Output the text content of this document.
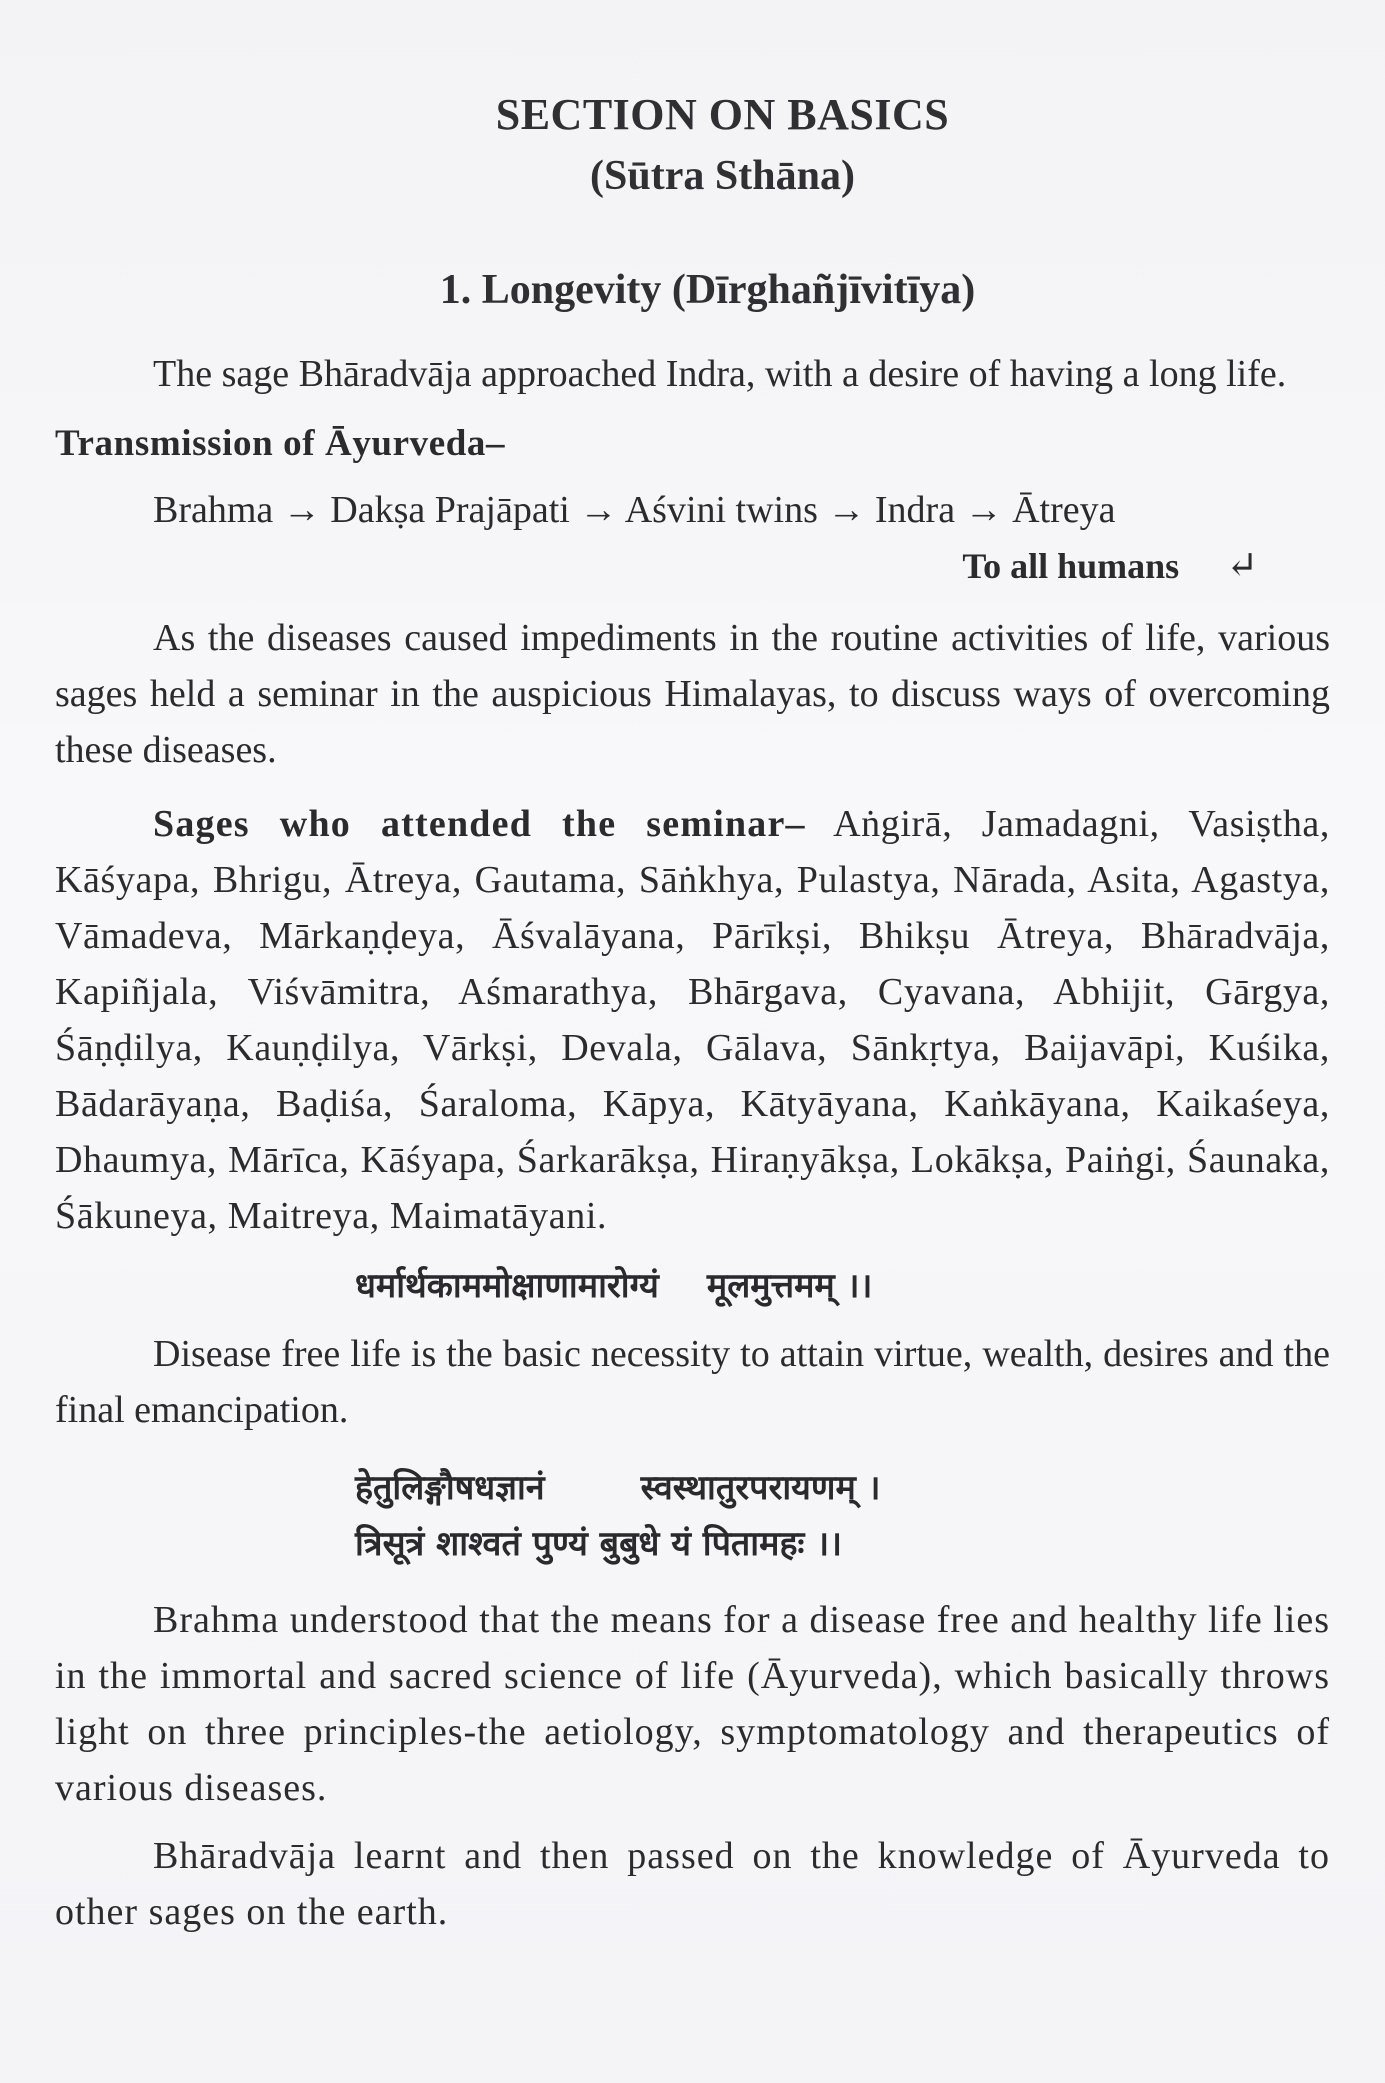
SECTION ON BASICS
(Sūtra Sthāna)
1. Longevity (Dīrghañjīvitīya)

The sage Bhāradvāja approached Indra, with a desire of having a long life.

Transmission of Āyurveda–
Brahma → Dakṣa Prajāpati → Aśvini twins → Indra → Ātreya
To all humans ↵

As the diseases caused impediments in the routine activities of life, various sages held a seminar in the auspicious Himalayas, to discuss ways of overcoming these diseases.

Sages who attended the seminar– Aṅgirā, Jamadagni, Vasiṣtha, Kāśyapa, Bhrigu, Ātreya, Gautama, Sāṅkhya, Pulastya, Nārada, Asita, Agastya, Vāmadeva, Mārkaṇḍeya, Āśvalāyana, Pārīkṣi, Bhikṣu Ātreya, Bhāradvāja, Kapiñjala, Viśvāmitra, Aśmarathya, Bhārgava, Cyavana, Abhijit, Gārgya, Śāṇḍilya, Kauṇḍilya, Vārkṣi, Devala, Gālava, Sānkṛtya, Baijavāpi, Kuśika, Bādarāyaṇa, Baḍiśa, Śaraloma, Kāpya, Kātyāyana, Kaṅkāyana, Kaikaśeya, Dhaumya, Mārīca, Kāśyapa, Śarkarākṣa, Hiraṇyākṣa, Lokākṣa, Paiṅgi, Śaunaka, Śākuneya, Maitreya, Maimatāyani.

धर्मार्थकाममोक्षाणामारोग्यं मूलमुत्तमम् ।।

Disease free life is the basic necessity to attain virtue, wealth, desires and the final emancipation.

हेतुलिङ्गौषधज्ञानं	स्वस्थातुरपरायणम् ।
त्रिसूत्रं शाश्वतं पुण्यं बुबुधे यं पितामहः ।।

Brahma understood that the means for a disease free and healthy life lies in the immortal and sacred science of life (Āyurveda), which basically throws light on three principles-the aetiology, symptomatology and therapeutics of various diseases.

Bhāradvāja learnt and then passed on the knowledge of Āyurveda to other sages on the earth.
